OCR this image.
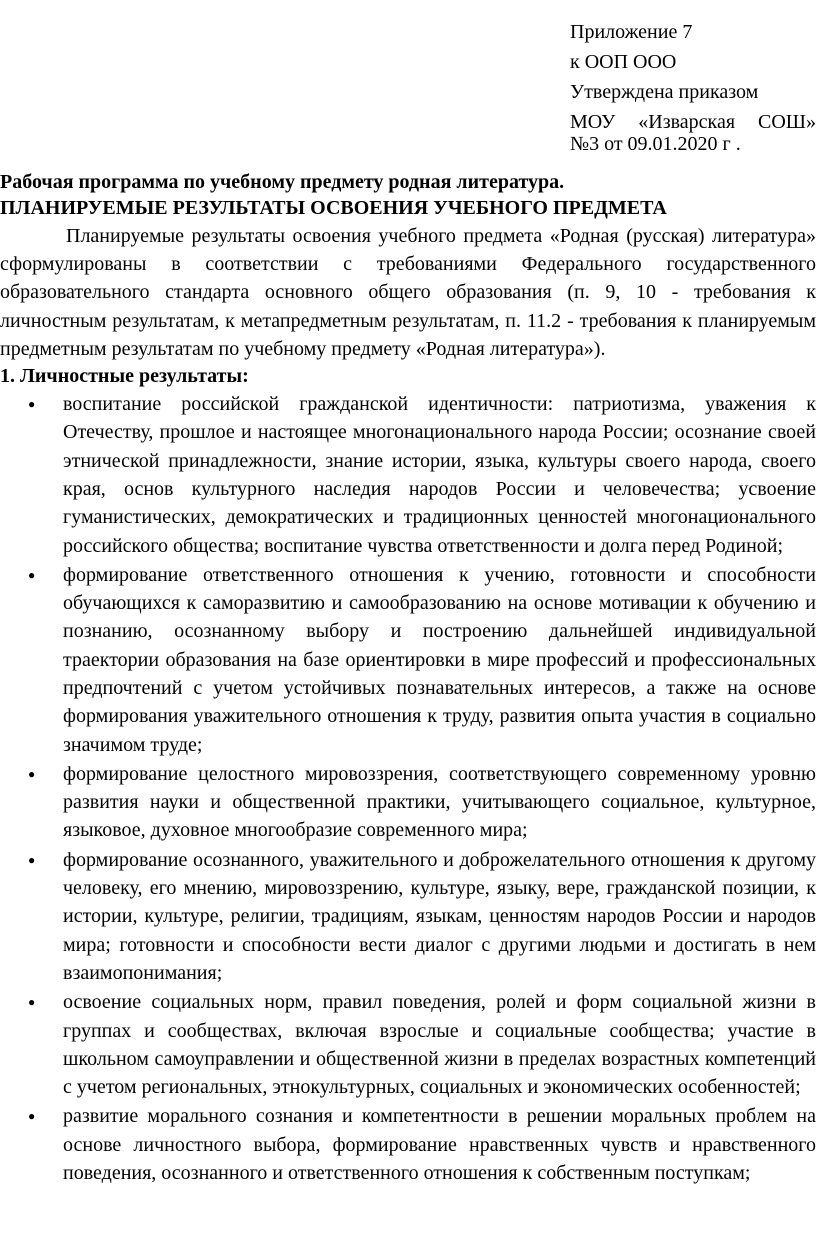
Приложение 7
к ООП ООО
Утверждена приказом
МОУ «Изварская СОШ»
№3 от 09.01.2020 г .
Рабочая программа по учебному предмету родная литература.
ПЛАНИРУЕМЫЕ РЕЗУЛЬТАТЫ ОСВОЕНИЯ УЧЕБНОГО ПРЕДМЕТА

Планируемые результаты освоения учебного предмета «Родная (русская) литература» сформулированы в соответствии с требованиями Федерального государственного образовательного стандарта основного общего образования (п. 9, 10 - требования к личностным результатам, к метапредметным результатам, п. 11.2 - требования к планируемым предметным результатам по учебному предмету «Родная литература»).

1. Личностные результаты:
● воспитание российской гражданской идентичности: патриотизма, уважения к Отечеству, прошлое и настоящее многонационального народа России; осознание своей этнической принадлежности, знание истории, языка, культуры своего народа, своего края, основ культурного наследия народов России и человечества; усвоение гуманистических, демократических и традиционных ценностей многонационального российского общества; воспитание чувства ответственности и долга перед Родиной;
● формирование ответственного отношения к учению, готовности и способности обучающихся к саморазвитию и самообразованию на основе мотивации к обучению и познанию, осознанному выбору и построению дальнейшей индивидуальной траектории образования на базе ориентировки в мире профессий и профессиональных предпочтений с учетом устойчивых познавательных интересов, а также на основе формирования уважительного отношения к труду, развития опыта участия в социально значимом труде;
● формирование целостного мировоззрения, соответствующего современному уровню развития науки и общественной практики, учитывающего социальное, культурное, языковое, духовное многообразие современного мира;
● формирование осознанного, уважительного и доброжелательного отношения к другому человеку, его мнению, мировоззрению, культуре, языку, вере, гражданской позиции, к истории, культуре, религии, традициям, языкам, ценностям народов России и народов мира; готовности и способности вести диалог с другими людьми и достигать в нем взаимопонимания;
● освоение социальных норм, правил поведения, ролей и форм социальной жизни в группах и сообществах, включая взрослые и социальные сообщества; участие в школьном самоуправлении и общественной жизни в пределах возрастных компетенций с учетом региональных, этнокультурных, социальных и экономических особенностей;
● развитие морального сознания и компетентности в решении моральных проблем на основе личностного выбора, формирование нравственных чувств и нравственного поведения, осознанного и ответственного отношения к собственным поступкам;
